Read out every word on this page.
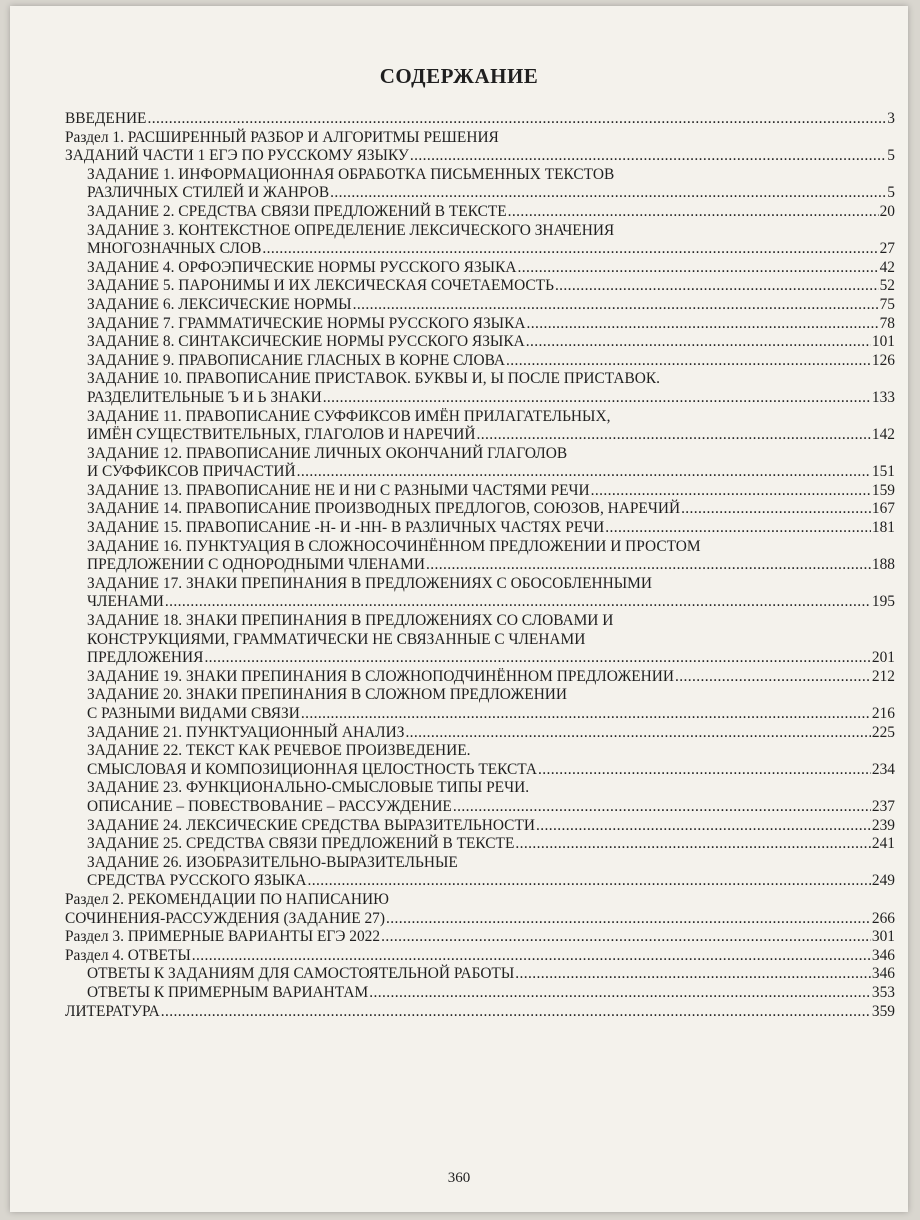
СОДЕРЖАНИЕ
ВВЕДЕНИЕ .....	3
Раздел 1. РАСШИРЕННЫЙ РАЗБОР И АЛГОРИТМЫ РЕШЕНИЯ
ЗАДАНИЙ ЧАСТИ 1 ЕГЭ ПО РУССКОМУ ЯЗЫКУ .....	5
ЗАДАНИЕ 1. ИНФОРМАЦИОННАЯ ОБРАБОТКА ПИСЬМЕННЫХ ТЕКСТОВ
РАЗЛИЧНЫХ СТИЛЕЙ И ЖАНРОВ .....	5
ЗАДАНИЕ 2. СРЕДСТВА СВЯЗИ ПРЕДЛОЖЕНИЙ В ТЕКСТЕ .....	20
ЗАДАНИЕ 3. КОНТЕКСТНОЕ ОПРЕДЕЛЕНИЕ ЛЕКСИЧЕСКОГО ЗНАЧЕНИЯ
МНОГОЗНАЧНЫХ СЛОВ .....	27
ЗАДАНИЕ 4. ОРФОЭПИЧЕСКИЕ НОРМЫ РУССКОГО ЯЗЫКА .....	42
ЗАДАНИЕ 5. ПАРОНИМЫ И ИХ ЛЕКСИЧЕСКАЯ СОЧЕТАЕМОСТЬ .....	52
ЗАДАНИЕ 6. ЛЕКСИЧЕСКИЕ НОРМЫ .....	75
ЗАДАНИЕ 7. ГРАММАТИЧЕСКИЕ НОРМЫ РУССКОГО ЯЗЫКА .....	78
ЗАДАНИЕ 8. СИНТАКСИЧЕСКИЕ НОРМЫ РУССКОГО ЯЗЫКА .....	101
ЗАДАНИЕ 9. ПРАВОПИСАНИЕ ГЛАСНЫХ В КОРНЕ СЛОВА .....	126
ЗАДАНИЕ 10. ПРАВОПИСАНИЕ ПРИСТАВОК. БУКВЫ И, Ы ПОСЛЕ ПРИСТАВОК.
РАЗДЕЛИТЕЛЬНЫЕ Ъ И Ь ЗНАКИ .....	133
ЗАДАНИЕ 11. ПРАВОПИСАНИЕ СУФФИКСОВ ИМЁН ПРИЛАГАТЕЛЬНЫХ,
ИМЁН СУЩЕСТВИТЕЛЬНЫХ, ГЛАГОЛОВ И НАРЕЧИЙ .....	142
ЗАДАНИЕ 12. ПРАВОПИСАНИЕ ЛИЧНЫХ ОКОНЧАНИЙ ГЛАГОЛОВ
И СУФФИКСОВ ПРИЧАСТИЙ .....	151
ЗАДАНИЕ 13. ПРАВОПИСАНИЕ НЕ И НИ С РАЗНЫМИ ЧАСТЯМИ РЕЧИ .....	159
ЗАДАНИЕ 14. ПРАВОПИСАНИЕ ПРОИЗВОДНЫХ ПРЕДЛОГОВ, СОЮЗОВ, НАРЕЧИЙ .....	167
ЗАДАНИЕ 15. ПРАВОПИСАНИЕ -Н- И -НН- В РАЗЛИЧНЫХ ЧАСТЯХ РЕЧИ .....	181
ЗАДАНИЕ 16. ПУНКТУАЦИЯ В СЛОЖНОСОЧИНЁННОМ ПРЕДЛОЖЕНИИ И ПРОСТОМ
ПРЕДЛОЖЕНИИ С ОДНОРОДНЫМИ ЧЛЕНАМИ .....	188
ЗАДАНИЕ 17. ЗНАКИ ПРЕПИНАНИЯ В ПРЕДЛОЖЕНИЯХ С ОБОСОБЛЕННЫМИ
ЧЛЕНАМИ .....	195
ЗАДАНИЕ 18. ЗНАКИ ПРЕПИНАНИЯ В ПРЕДЛОЖЕНИЯХ СО СЛОВАМИ И
КОНСТРУКЦИЯМИ, ГРАММАТИЧЕСКИ НЕ СВЯЗАННЫЕ С ЧЛЕНАМИ
ПРЕДЛОЖЕНИЯ .....	201
ЗАДАНИЕ 19. ЗНАКИ ПРЕПИНАНИЯ В СЛОЖНОПОДЧИНЁННОМ ПРЕДЛОЖЕНИИ .....	212
ЗАДАНИЕ 20. ЗНАКИ ПРЕПИНАНИЯ В СЛОЖНОМ ПРЕДЛОЖЕНИИ
С РАЗНЫМИ ВИДАМИ СВЯЗИ .....	216
ЗАДАНИЕ 21. ПУНКТУАЦИОННЫЙ АНАЛИЗ .....	225
ЗАДАНИЕ 22. ТЕКСТ КАК РЕЧЕВОЕ ПРОИЗВЕДЕНИЕ.
СМЫСЛОВАЯ И КОМПОЗИЦИОННАЯ ЦЕЛОСТНОСТЬ ТЕКСТА .....	234
ЗАДАНИЕ 23. ФУНКЦИОНАЛЬНО-СМЫСЛОВЫЕ ТИПЫ РЕЧИ.
ОПИСАНИЕ – ПОВЕСТВОВАНИЕ – РАССУЖДЕНИЕ .....	237
ЗАДАНИЕ 24. ЛЕКСИЧЕСКИЕ СРЕДСТВА ВЫРАЗИТЕЛЬНОСТИ .....	239
ЗАДАНИЕ 25. СРЕДСТВА СВЯЗИ ПРЕДЛОЖЕНИЙ В ТЕКСТЕ .....	241
ЗАДАНИЕ 26. ИЗОБРАЗИТЕЛЬНО-ВЫРАЗИТЕЛЬНЫЕ
СРЕДСТВА РУССКОГО ЯЗЫКА .....	249
Раздел 2. РЕКОМЕНДАЦИИ ПО НАПИСАНИЮ
СОЧИНЕНИЯ-РАССУЖДЕНИЯ (ЗАДАНИЕ 27) .....	266
Раздел 3. ПРИМЕРНЫЕ ВАРИАНТЫ ЕГЭ 2022 .....	301
Раздел 4. ОТВЕТЫ .....	346
ОТВЕТЫ К ЗАДАНИЯМ ДЛЯ САМОСТОЯТЕЛЬНОЙ РАБОТЫ .....	346
ОТВЕТЫ К ПРИМЕРНЫМ ВАРИАНТАМ .....	353
ЛИТЕРАТУРА .....	359
360
